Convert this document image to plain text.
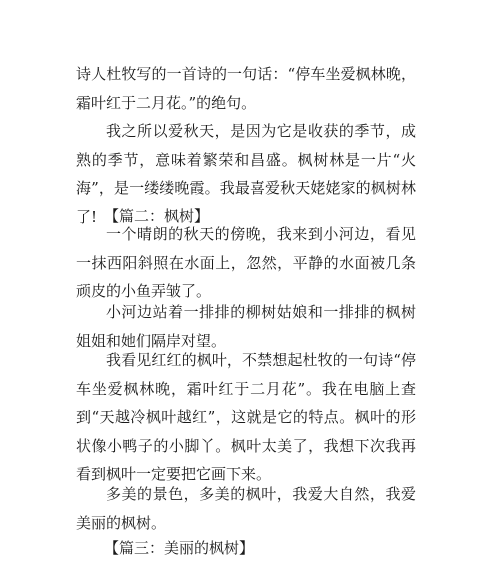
诗人杜牧写的一首诗的一句话：“停车坐爱枫林晚，霜叶红于二月花。”的绝句。

我之所以爱秋天，是因为它是收获的季节，成熟的季节，意味着繁荣和昌盛。枫树林是一片“火海”，是一缕缕晚霞。我最喜爱秋天姥姥家的枫树林了! 【篇二：枫树】

一个晴朗的秋天的傍晚，我来到小河边，看见一抹西阳斜照在水面上，忽然，平静的水面被几条顽皮的小鱼弄皱了。

小河边站着一排排的柳树姑娘和一排排的枫树姐姐和她们隔岸对望。

我看见红红的枫叶，不禁想起杜牧的一句诗“停车坐爱枫林晚，霜叶红于二月花”。我在电脑上查到“天越冷枫叶越红”，这就是它的特点。枫叶的形状像小鸭子的小脚丫。枫叶太美了，我想下次我再看到枫叶一定要把它画下来。

多美的景色，多美的枫叶，我爱大自然，我爱美丽的枫树。

【篇三：美丽的枫树】
